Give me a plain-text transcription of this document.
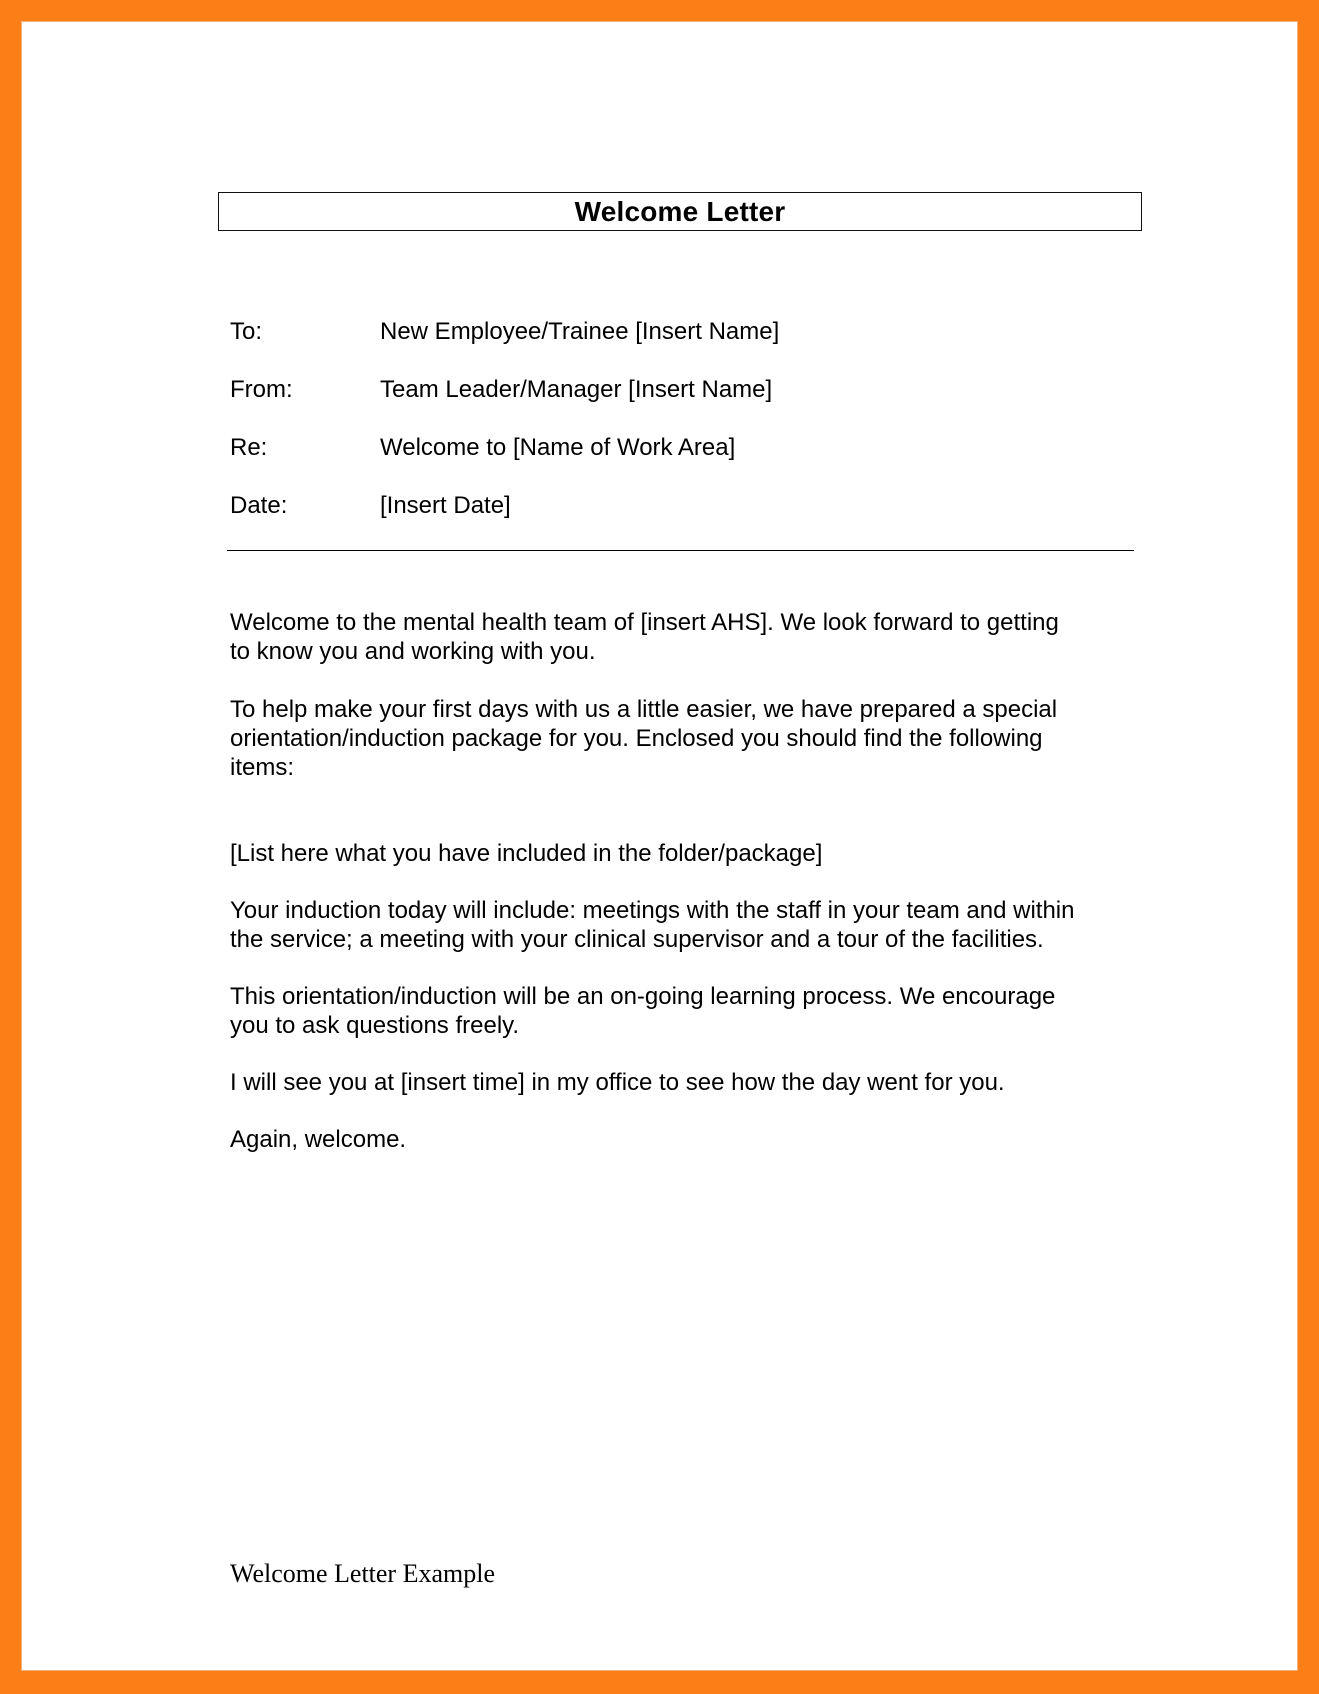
Welcome Letter
To:	New Employee/Trainee [Insert Name]
From:	Team Leader/Manager [Insert Name]
Re:	Welcome to [Name of Work Area]
Date:	[Insert Date]

Welcome to the mental health team of [insert AHS]. We look forward to getting
to know you and working with you.

To help make your first days with us a little easier, we have prepared a special
orientation/induction package for you. Enclosed you should find the following
items:

[List here what you have included in the folder/package]

Your induction today will include: meetings with the staff in your team and within
the service; a meeting with your clinical supervisor and a tour of the facilities.

This orientation/induction will be an on-going learning process. We encourage
you to ask questions freely.

I will see you at [insert time] in my office to see how the day went for you.

Again, welcome.

Welcome Letter Example
